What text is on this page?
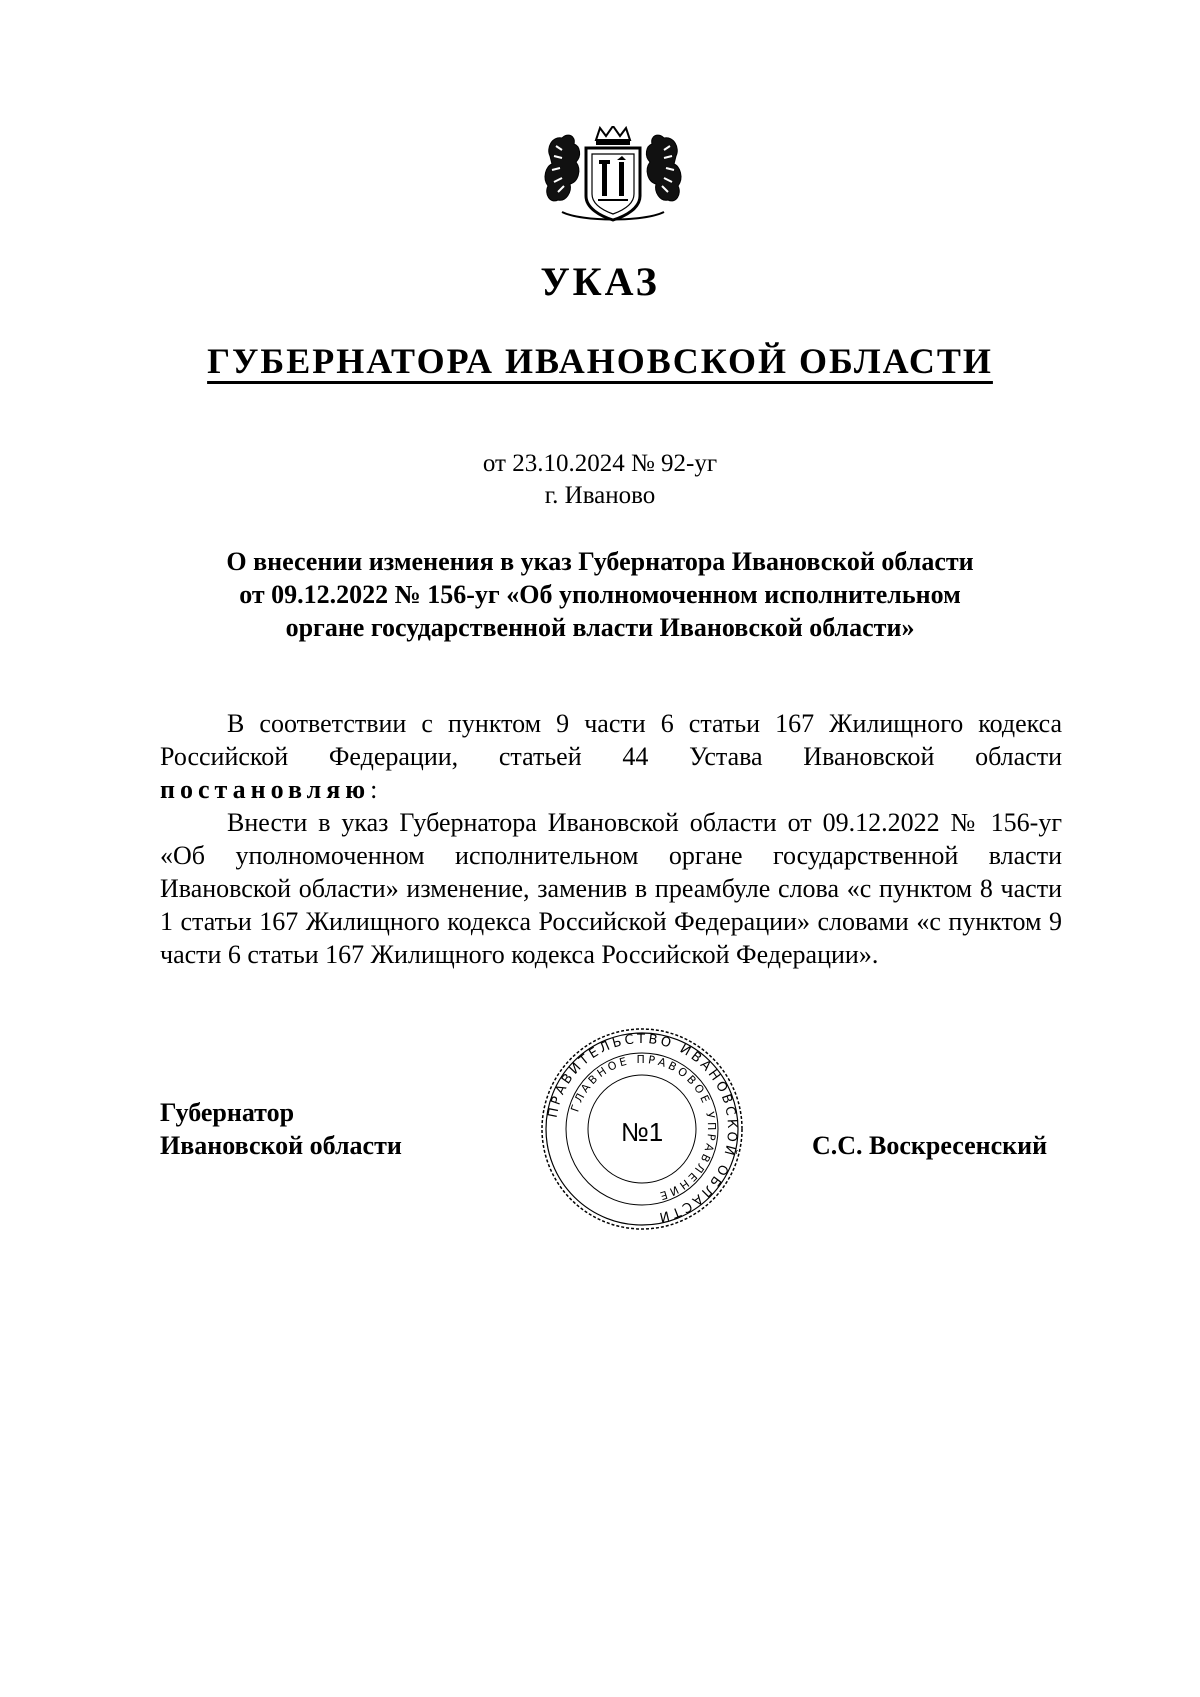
УКАЗ
ГУБЕРНАТОРА ИВАНОВСКОЙ ОБЛАСТИ
от 23.10.2024 № 92-уг
г. Иваново
О внесении изменения в указ Губернатора Ивановской области
от 09.12.2022 № 156-уг «Об уполномоченном исполнительном
органе государственной власти Ивановской области»

В соответствии с пунктом 9 части 6 статьи 167 Жилищного кодекса Российской Федерации, статьей 44 Устава Ивановской области постановляю:

Внести в указ Губернатора Ивановской области от 09.12.2022 № 156-уг «Об уполномоченном исполнительном органе государственной власти Ивановской области» изменение, заменив в преамбуле слова «с пунктом 8 части 1 статьи 167 Жилищного кодекса Российской Федерации» словами «с пунктом 9 части 6 статьи 167 Жилищного кодекса Российской Федерации».

Губернатор
Ивановской области	С.С. Воскресенский
ПРАВИТЕЛЬСТВО ИВАНОВСКОЙ ОБЛАСТИ
ГЛАВНОЕ ПРАВОВОЕ УПРАВЛЕНИЕ
№1
